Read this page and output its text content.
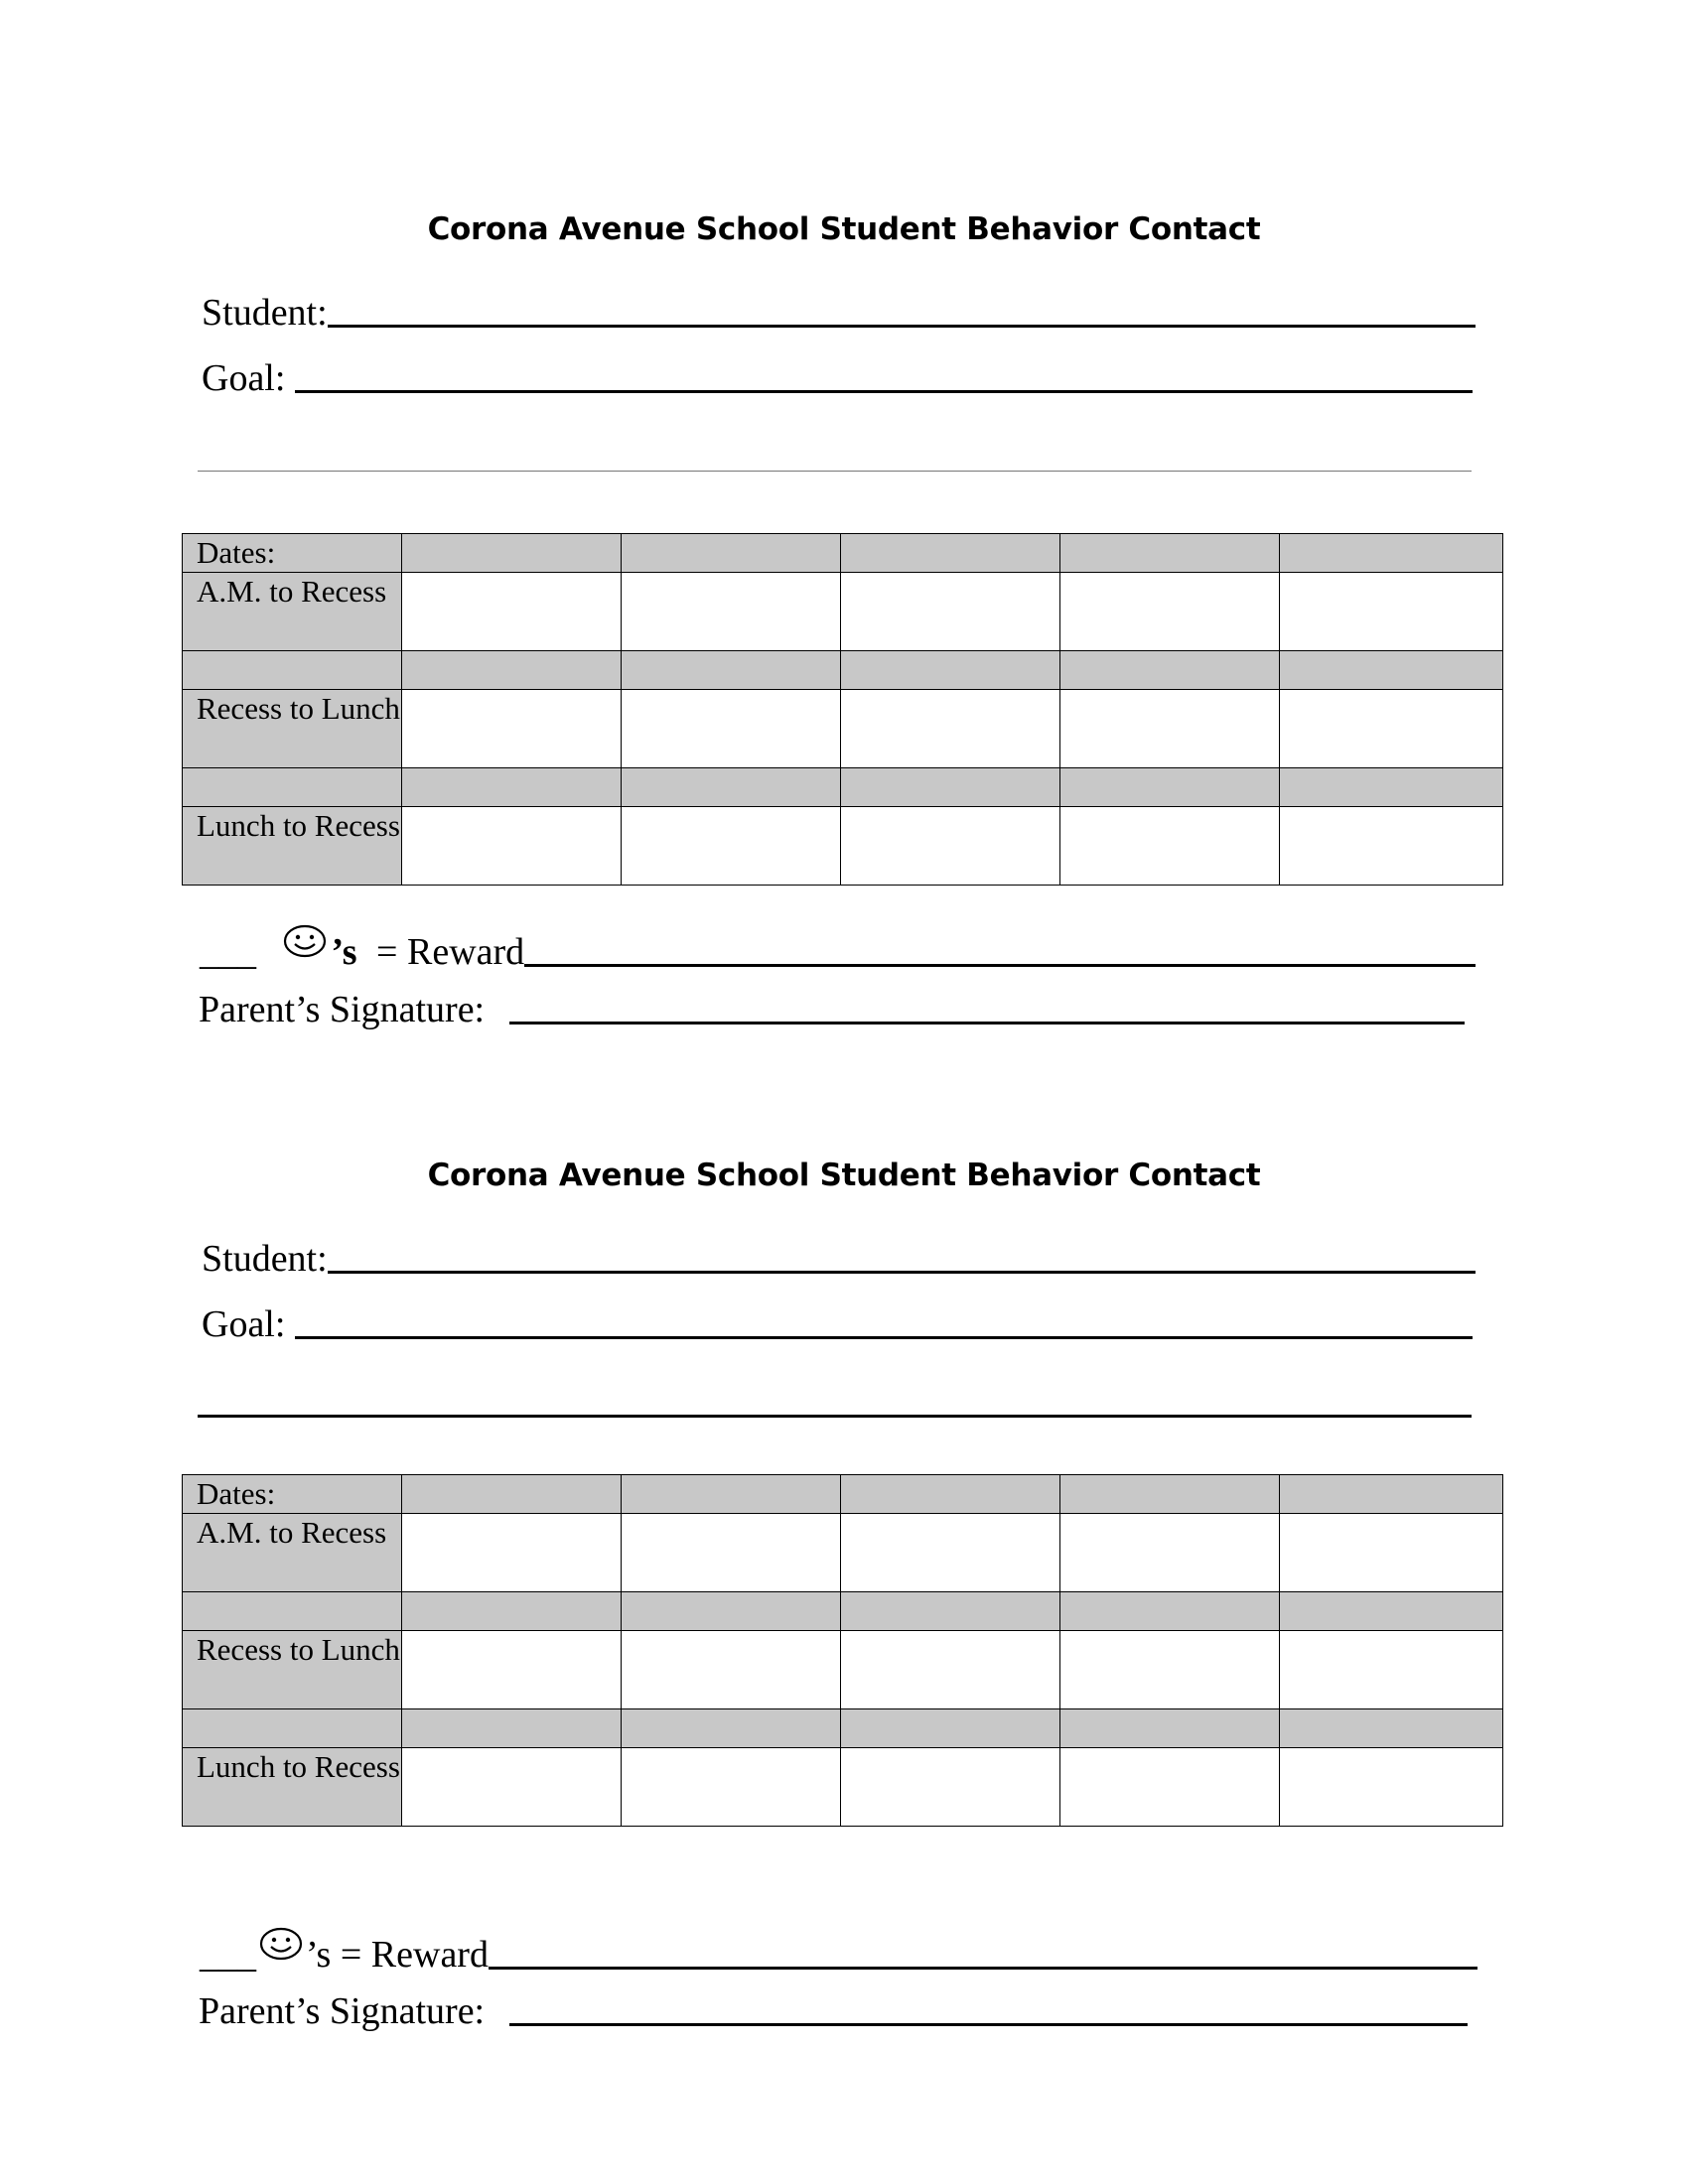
Corona Avenue School Student Behavior Contact
Student:
Goal:
Dates:					
A.M. to Recess					

Recess to Lunch					

Lunch to Recess					
___ ’s = Reward
Parent’s Signature:
Corona Avenue School Student Behavior Contact
Student:
Goal:
Dates:					
A.M. to Recess					

Recess to Lunch					

Lunch to Recess					
___ ’s = Reward
Parent’s Signature:
